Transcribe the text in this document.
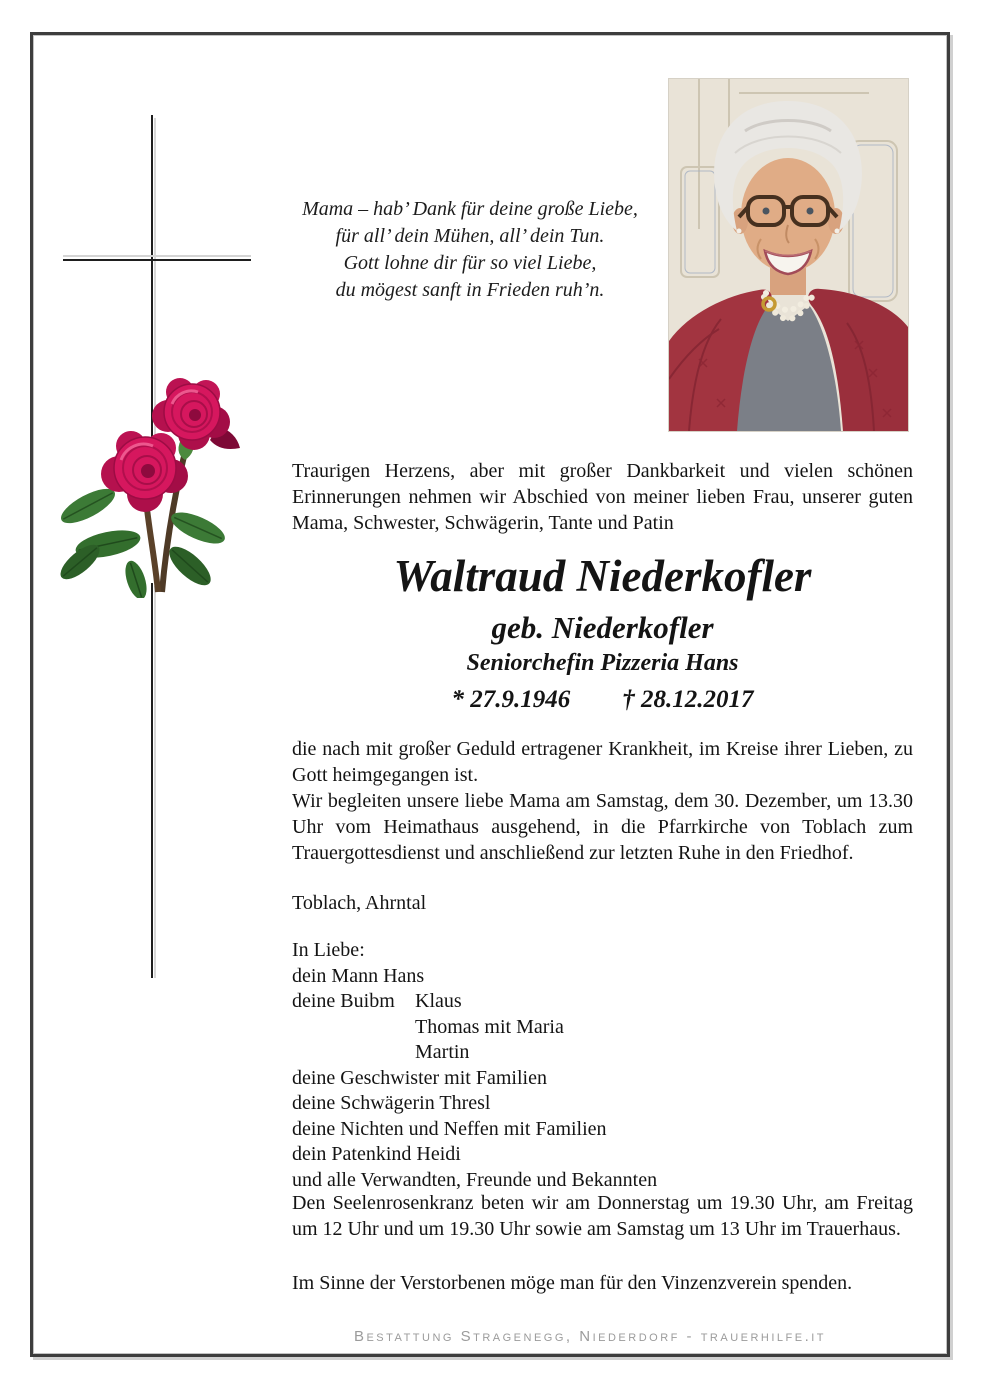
Mama – hab’ Dank für deine große Liebe,
für all’ dein Mühen, all’ dein Tun.
Gott lohne dir für so viel Liebe,
du mögest sanft in Frieden ruh’n.
Traurigen Herzens, aber mit großer Dankbarkeit und vielen schönen Erinnerungen nehmen wir Abschied von meiner lieben Frau, unserer guten Mama, Schwester, Schwägerin, Tante und Patin
Waltraud Niederkofler
geb. Niederkofler
Seniorchefin Pizzeria Hans
* 27.9.1946 † 28.12.2017
die nach mit großer Geduld ertragener Krankheit, im Kreise ihrer Lieben, zu Gott heimgegangen ist.
Wir begleiten unsere liebe Mama am Samstag, dem 30. Dezember, um 13.30 Uhr vom Heimathaus ausgehend, in die Pfarrkirche von Toblach zum Trauergottesdienst und anschließend zur letzten Ruhe in den Friedhof.
Toblach, Ahrntal
In Liebe:
dein Mann Hans
deine Buibm Klaus
Thomas mit Maria
Martin
deine Geschwister mit Familien
deine Schwägerin Thresl
deine Nichten und Neffen mit Familien
dein Patenkind Heidi
und alle Verwandten, Freunde und Bekannten
Den Seelenrosenkranz beten wir am Donnerstag um 19.30 Uhr, am Freitag um 12 Uhr und um 19.30 Uhr sowie am Samstag um 13 Uhr im Trauerhaus.
Im Sinne der Verstorbenen möge man für den Vinzenzverein spenden.
Bestattung Stragenegg, Niederdorf - trauerhilfe.it
